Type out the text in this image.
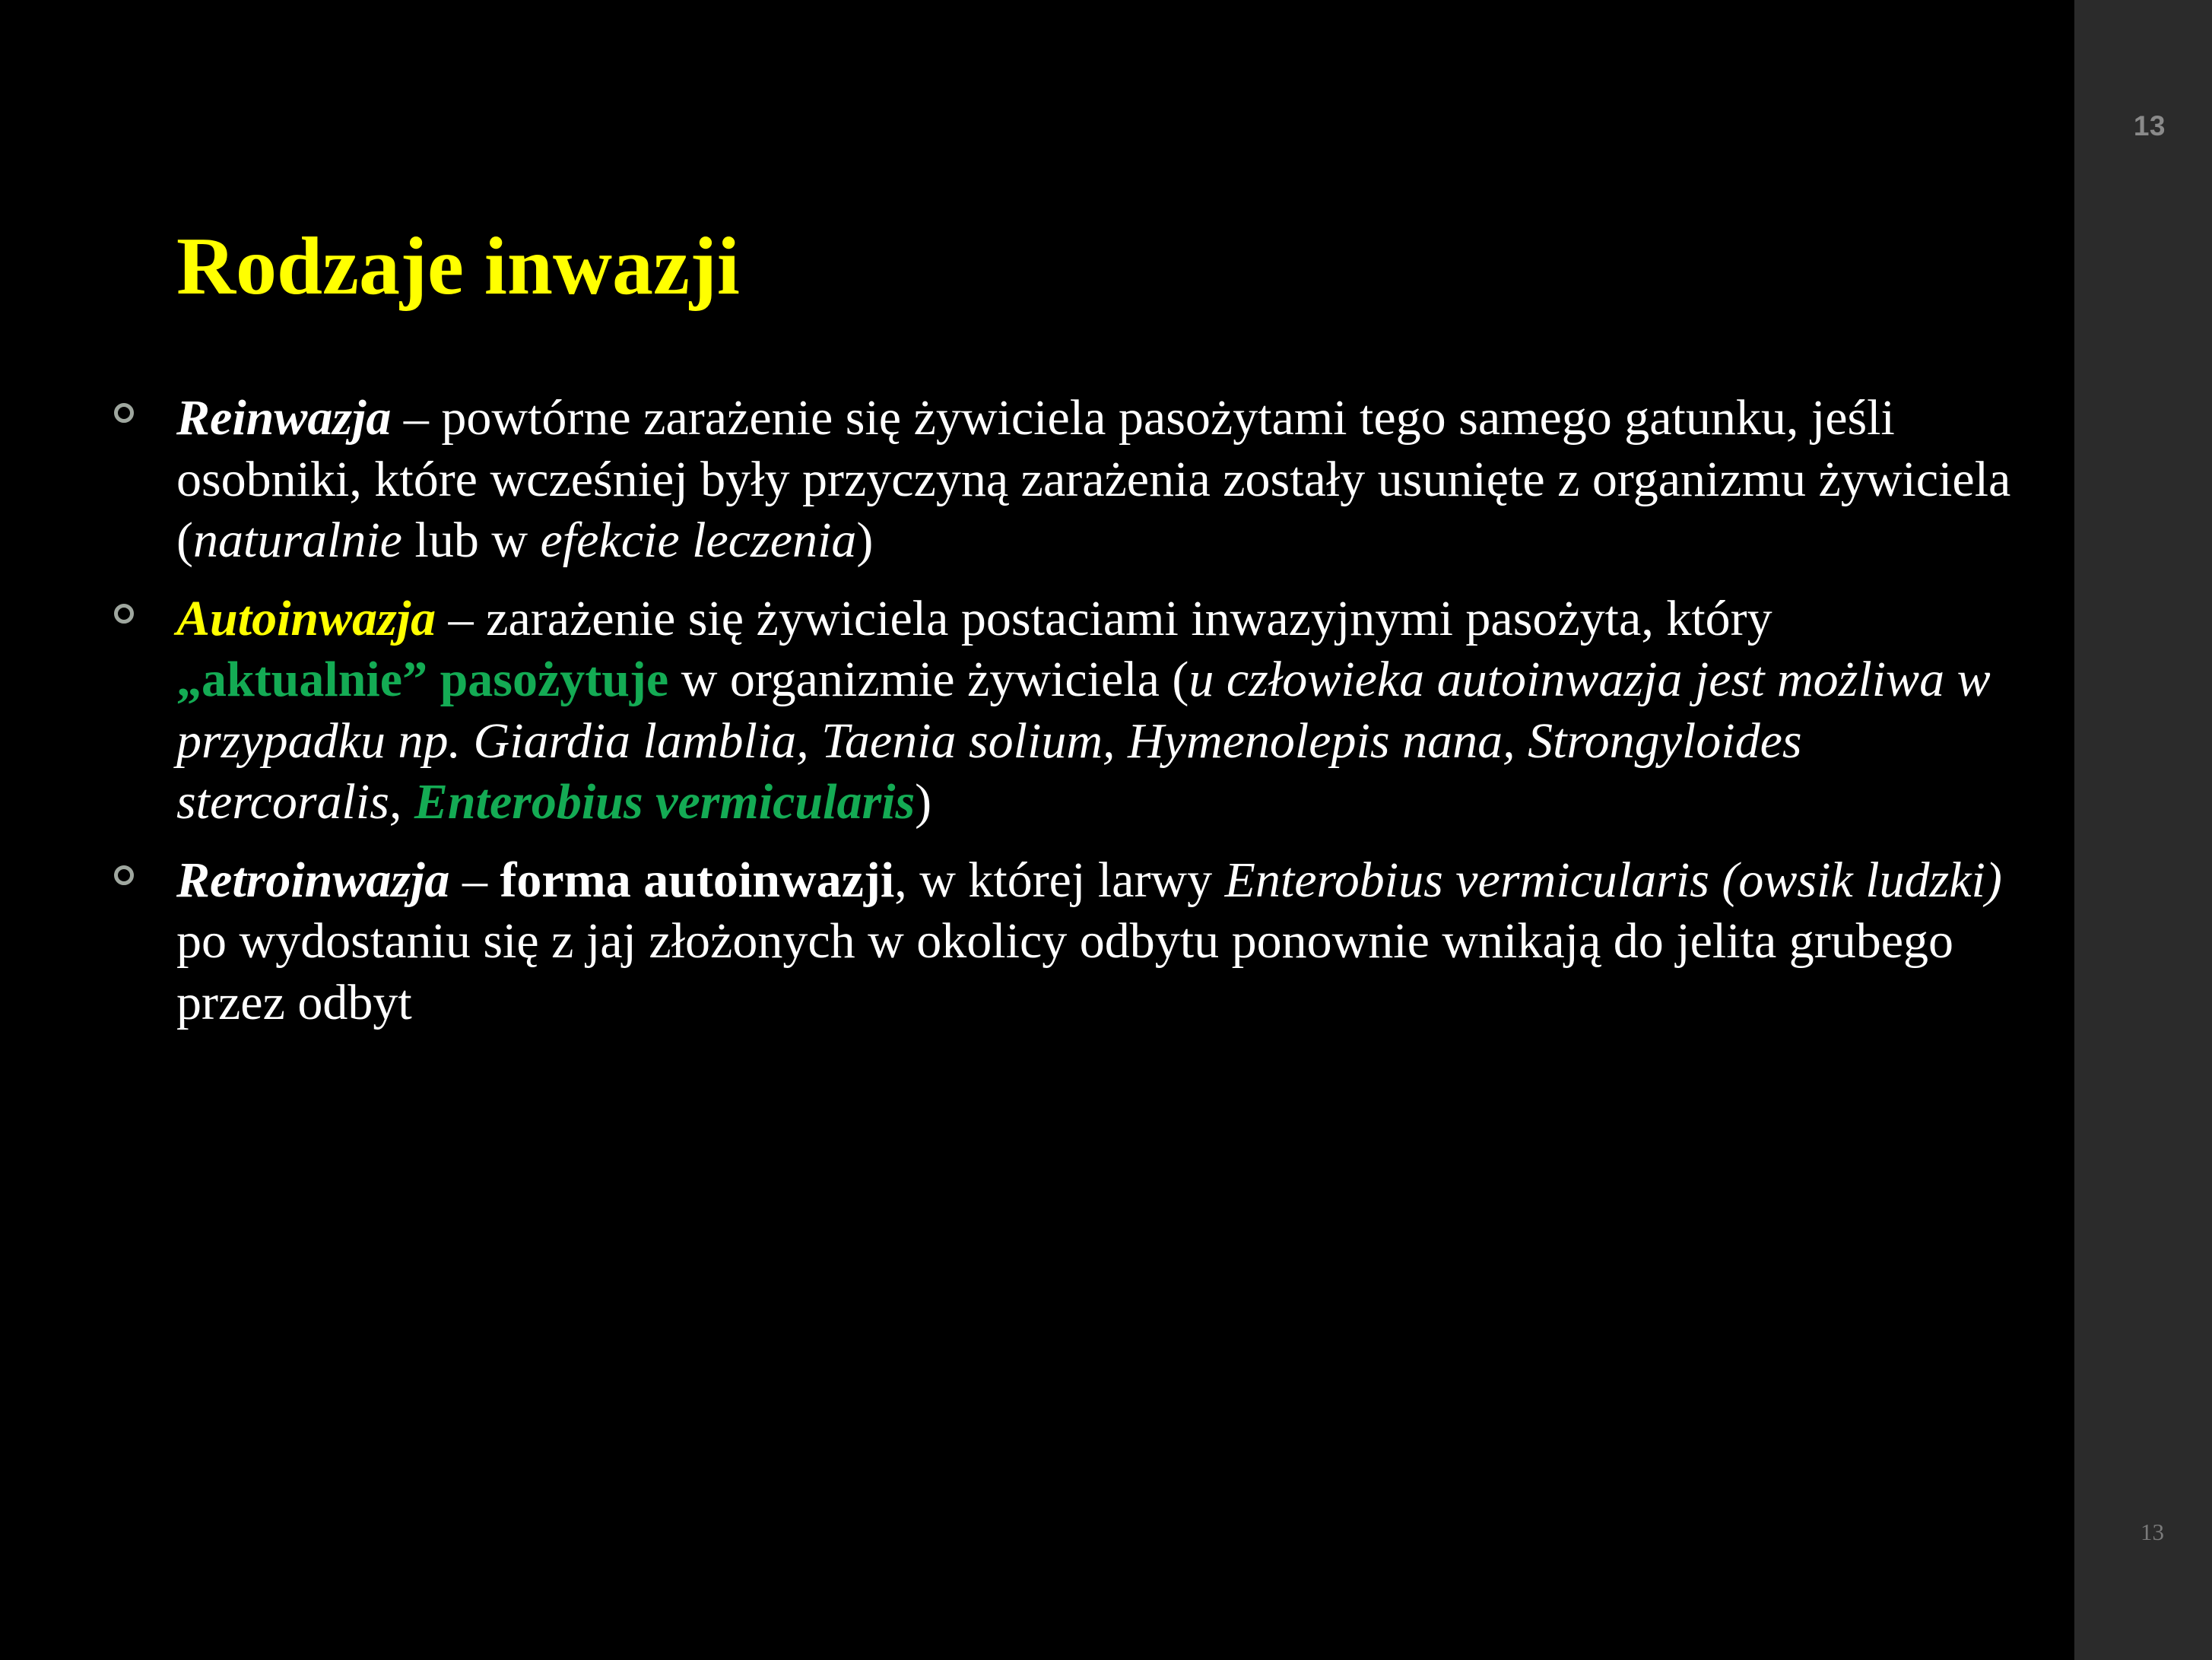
13
13
Rodzaje inwazji
Reinwazja – powtórne zarażenie się żywiciela pasożytami tego samego gatunku, jeśli osobniki, które wcześniej były przyczyną zarażenia zostały usunięte z organizmu żywiciela (naturalnie lub w efekcie leczenia)
Autoinwazja – zarażenie się żywiciela postaciami inwazyjnymi pasożyta, który „aktualnie” pasożytuje w organizmie żywiciela (u człowieka autoinwazja jest możliwa w przypadku np. Giardia lamblia, Taenia solium, Hymenolepis nana, Strongyloides stercoralis, Enterobius vermicularis)
Retroinwazja – forma autoinwazji, w której larwy Enterobius vermicularis (owsik ludzki) po wydostaniu się z jaj złożonych w okolicy odbytu ponownie wnikają do jelita grubego przez odbyt
